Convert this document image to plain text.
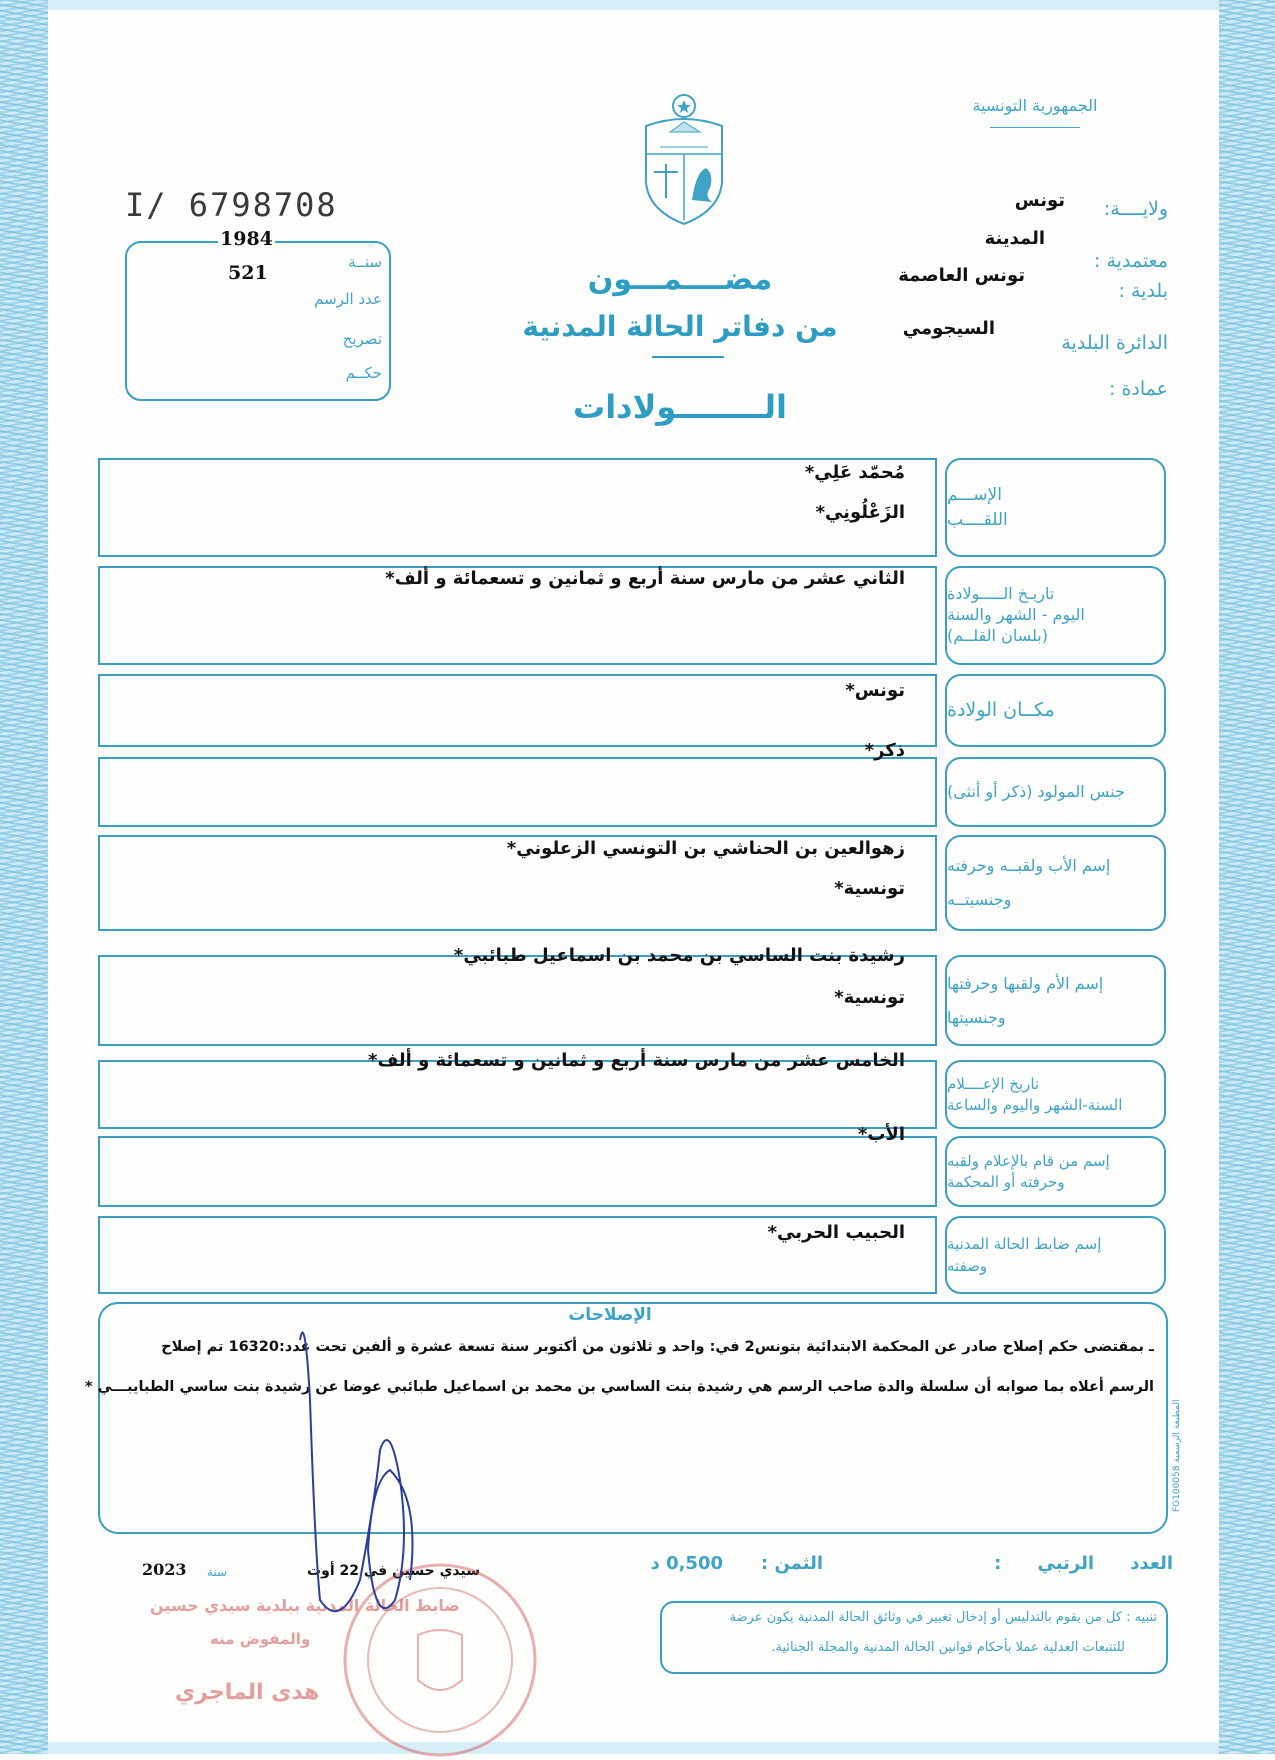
الجمهورية التونسية
I/ 6798708
1984
521	سنــة
عدد الرسم
تصريح
حكــم
مضــــمـــون
من دفاتر الحالة المدنية
الــــــــولادات
ولايــــة:
تونس
معتمدية :
المدينة
بلدية :
تونس العاصمة
الدائرة البلدية
السيجومي
عمادة :
الإســـم
اللقــــب
مُحمّد عَلِي*
الزَعْلُونِي*
تاريـخ الـــــولادة
اليوم - الشهر والسنة
(بلسان القلــم)
الثاني عشر من مارس سنة أربع و ثمانين و تسعمائة و ألف*
مكــان الولادة
تونس*
جنس المولود (ذكر أو أنثى)
ذكر*
إسم الأب ولقبــه وحرفته
وجنسيتــه
زهوالعين بن الحناشي بن التونسي الزعلوني*
تونسية*
إسم الأم ولقبها وحرفتها
وجنسيتها
رشيدة بنت الساسي بن محمد بن اسماعيل طبائبي*
تونسية*
تاريخ الإعــــلام
السنة-الشهر واليوم والساعة
الخامس عشر من مارس سنة أربع و ثمانين و تسعمائة و ألف*
إسم من قام بالإعلام ولقبه
وحرفته أو المحكمة
الأب*
إسم ضابط الحالة المدنية
وصفته
الحبيب الحربي*
الإصلاحات
ـ بمقتضى حكم إصلاح صادر عن المحكمة الابتدائية بتونس2 في: واحد و ثلاثون من أكتوبر سنة تسعة عشرة و ألفين تحت عدد:16320 تم إصلاح
الرسم أعلاه بما صوابه أن سلسلة والدة صاحب الرسم هي رشيدة بنت الساسي بن محمد بن اسماعيل طبائبي عوضا عن رشيدة بنت ساسي الطبايبـــي *
المطبعة الرسمية FG100058
العدد الرتبي :
الثمن :
0,500 د
تنبيه : كل من يقوم بالتدليس أو إدخال تغيير في وثائق الحالة المدنية يكون عرضة
للتتبعات العدلية عملا بأحكام قوانين الحالة المدنية والمجلة الجنائية.
سيدي حسين في 22 أوت
سنة
2023
ضابط الحالة المدنية ببلدية سيدي حسين
والمفوض منه
هدى الماجري
